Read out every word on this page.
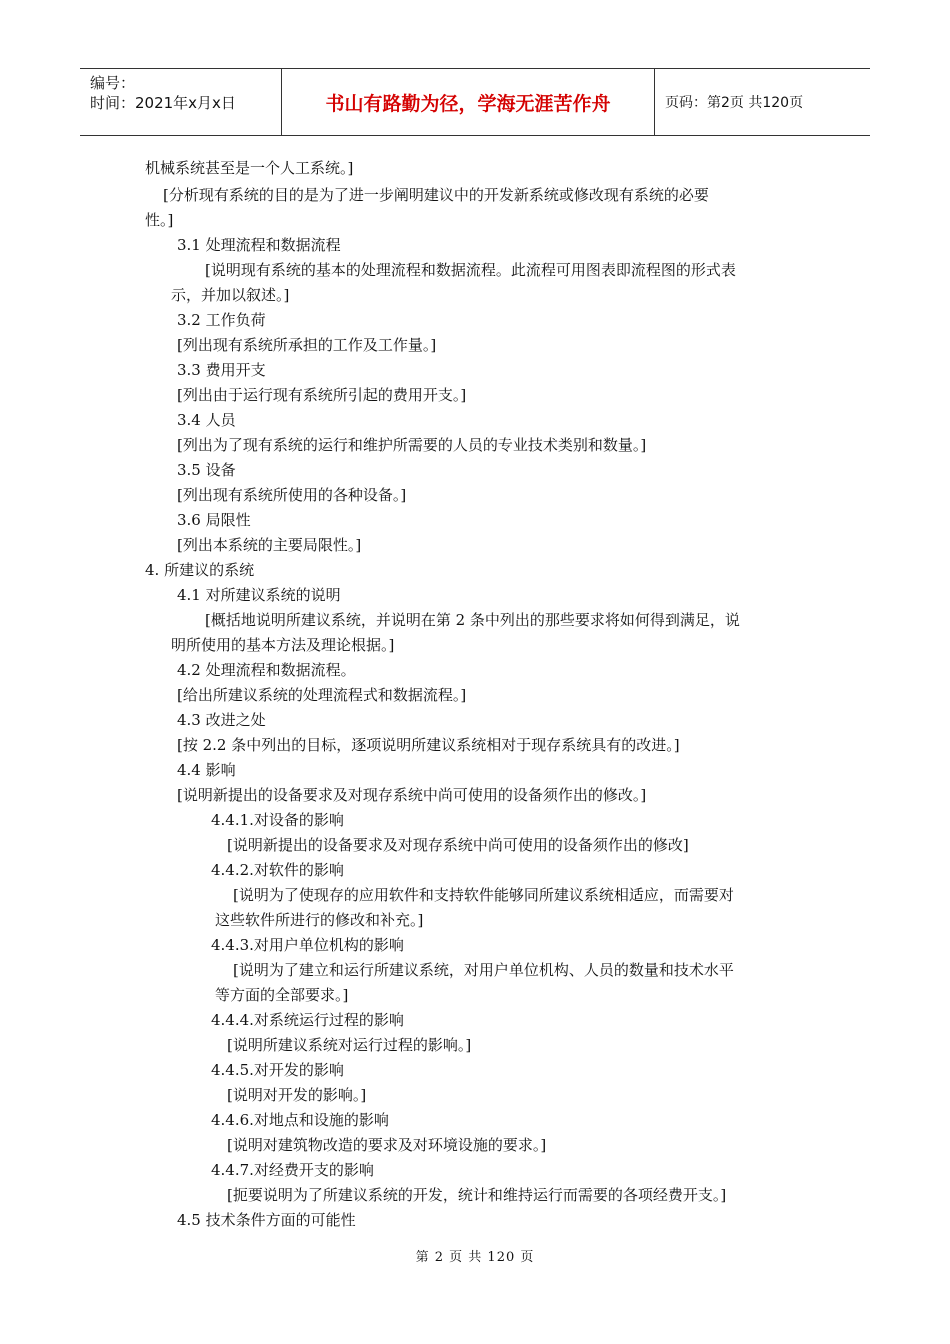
编号：
时间：2021年x月x日	书山有路勤为径，学海无涯苦作舟	页码：第2页 共120页
机械系统甚至是一个人工系统。]
[分析现有系统的目的是为了进一步阐明建议中的开发新系统或修改现有系统的必要
性。]
3.1 处理流程和数据流程
[说明现有系统的基本的处理流程和数据流程。此流程可用图表即流程图的形式表
示，并加以叙述。]
3.2 工作负荷
[列出现有系统所承担的工作及工作量。]
3.3 费用开支
[列出由于运行现有系统所引起的费用开支。]
3.4 人员
[列出为了现有系统的运行和维护所需要的人员的专业技术类别和数量。]
3.5 设备
[列出现有系统所使用的各种设备。]
3.6 局限性
[列出本系统的主要局限性。]
4. 所建议的系统
4.1 对所建议系统的说明
[概括地说明所建议系统，并说明在第 2 条中列出的那些要求将如何得到满足，说
明所使用的基本方法及理论根据。]
4.2 处理流程和数据流程。
[给出所建议系统的处理流程式和数据流程。]
4.3 改进之处
[按 2.2 条中列出的目标，逐项说明所建议系统相对于现存系统具有的改进。]
4.4 影响
[说明新提出的设备要求及对现存系统中尚可使用的设备须作出的修改。]
4.4.1.对设备的影响
[说明新提出的设备要求及对现存系统中尚可使用的设备须作出的修改]
4.4.2.对软件的影响
[说明为了使现存的应用软件和支持软件能够同所建议系统相适应，而需要对
这些软件所进行的修改和补充。]
4.4.3.对用户单位机构的影响
[说明为了建立和运行所建议系统，对用户单位机构、人员的数量和技术水平
等方面的全部要求。]
4.4.4.对系统运行过程的影响
[说明所建议系统对运行过程的影响。]
4.4.5.对开发的影响
[说明对开发的影响。]
4.4.6.对地点和设施的影响
[说明对建筑物改造的要求及对环境设施的要求。]
4.4.7.对经费开支的影响
[扼要说明为了所建议系统的开发，统计和维持运行而需要的各项经费开支。]
4.5 技术条件方面的可能性
第 2 页 共 120 页
